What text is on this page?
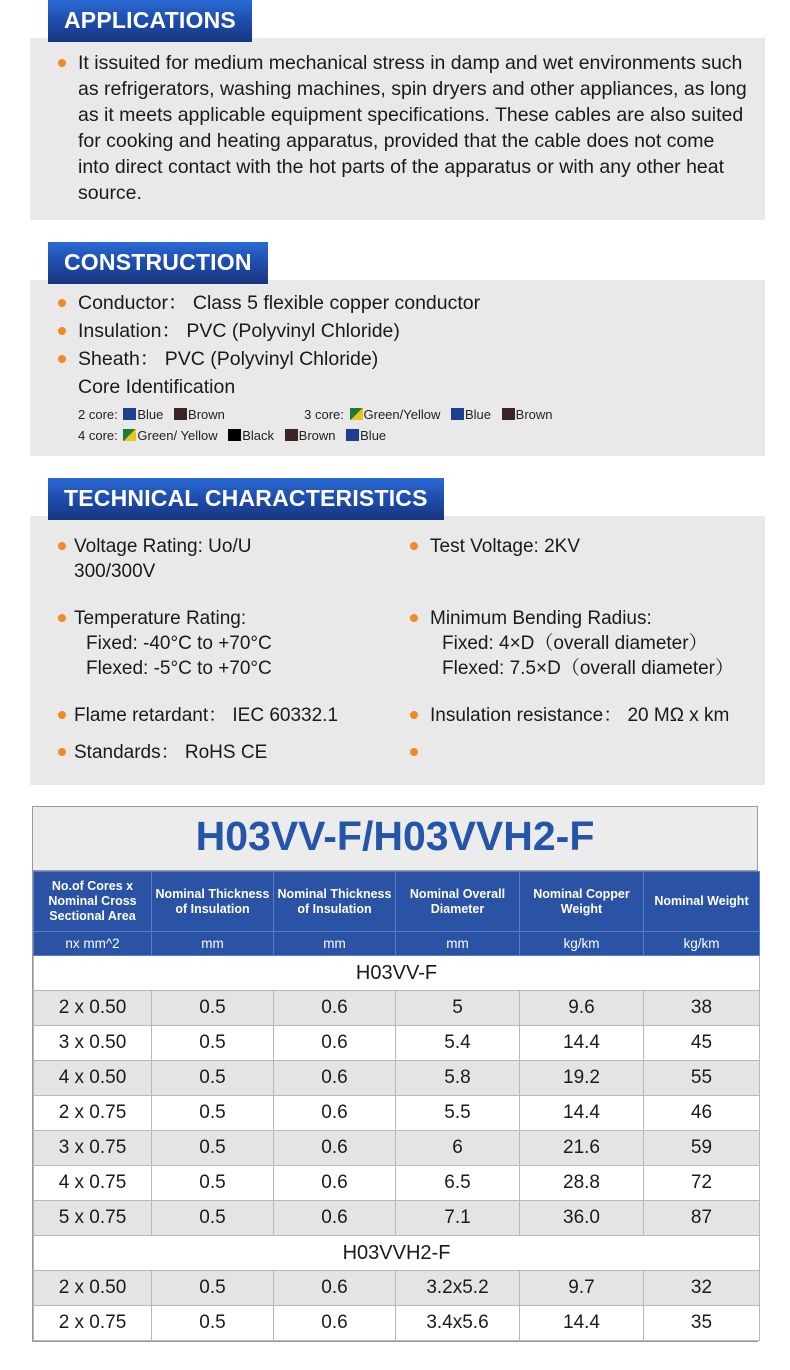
APPLICATIONS
It issuited for medium mechanical stress in damp and wet environments such as refrigerators, washing machines, spin dryers and other appliances, as long as it meets applicable equipment specifications. These cables are also suited for cooking and heating apparatus, provided that the cable does not come into direct contact with the hot parts of the apparatus or with any other heat source.
CONSTRUCTION
Conductor： Class 5 flexible copper conductor
Insulation： PVC (Polyvinyl Chloride)
Sheath： PVC (Polyvinyl Chloride)
Core Identification
2 core: Blue Brown	3 core: Green/Yellow Blue Brown
4 core: Green/ Yellow Black Brown Blue
TECHNICAL CHARACTERISTICS
Voltage Rating: Uo/U
300/300V
Test Voltage: 2KV
Temperature Rating:
Fixed: -40°C to +70°C
Flexed: -5°C to +70°C
Minimum Bending Radius:
Fixed: 4×D（overall diameter）
Flexed: 7.5×D（overall diameter）
Flame retardant： IEC 60332.1	Insulation resistance： 20 MΩ x km
Standards： RoHS CE
H03VV-F/H03VVH2-F
No.of Cores x Nominal Cross Sectional Area	Nominal Thickness of Insulation	Nominal Thickness of Insulation	Nominal Overall Diameter	Nominal Copper Weight	Nominal Weight
nx mm^2	mm	mm	mm	kg/km	kg/km
H03VV-F					
2 x 0.50	0.5	0.6	5	9.6	38
3 x 0.50	0.5	0.6	5.4	14.4	45
4 x 0.50	0.5	0.6	5.8	19.2	55
2 x 0.75	0.5	0.6	5.5	14.4	46
3 x 0.75	0.5	0.6	6	21.6	59
4 x 0.75	0.5	0.6	6.5	28.8	72
5 x 0.75	0.5	0.6	7.1	36.0	87
H03VVH2-F					
2 x 0.50	0.5	0.6	3.2x5.2	9.7	32
2 x 0.75	0.5	0.6	3.4x5.6	14.4	35
